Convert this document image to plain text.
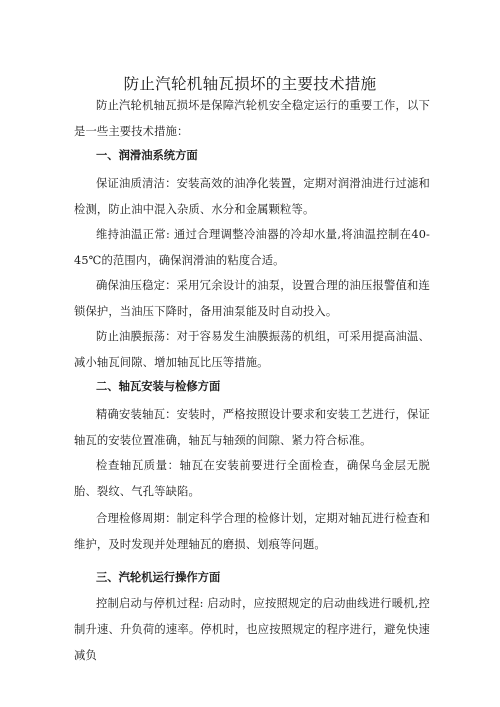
防止汽轮机轴瓦损坏的主要技术措施

防止汽轮机轴瓦损坏是保障汽轮机安全稳定运行的重要工作，以下是一些主要技术措施：

一、润滑油系统方面

保证油质清洁：安装高效的油净化装置，定期对润滑油进行过滤和检测，防止油中混入杂质、水分和金属颗粒等。

维持油温正常: 通过合理调整冷油器的冷却水量,将油温控制在40-45℃的范围内，确保润滑油的粘度合适。

确保油压稳定：采用冗余设计的油泵，设置合理的油压报警值和连锁保护，当油压下降时，备用油泵能及时自动投入。

防止油膜振荡：对于容易发生油膜振荡的机组，可采用提高油温、减小轴瓦间隙、增加轴瓦比压等措施。

二、轴瓦安装与检修方面

精确安装轴瓦：安装时，严格按照设计要求和安装工艺进行，保证轴瓦的安装位置准确，轴瓦与轴颈的间隙、紧力符合标准。

检查轴瓦质量：轴瓦在安装前要进行全面检查，确保乌金层无脱胎、裂纹、气孔等缺陷。

合理检修周期：制定科学合理的检修计划，定期对轴瓦进行检查和维护，及时发现并处理轴瓦的磨损、划痕等问题。

三、汽轮机运行操作方面

控制启动与停机过程: 启动时，应按照规定的启动曲线进行暖机,控制升速、升负荷的速率。停机时，也应按照规定的程序进行，避免快速减负
